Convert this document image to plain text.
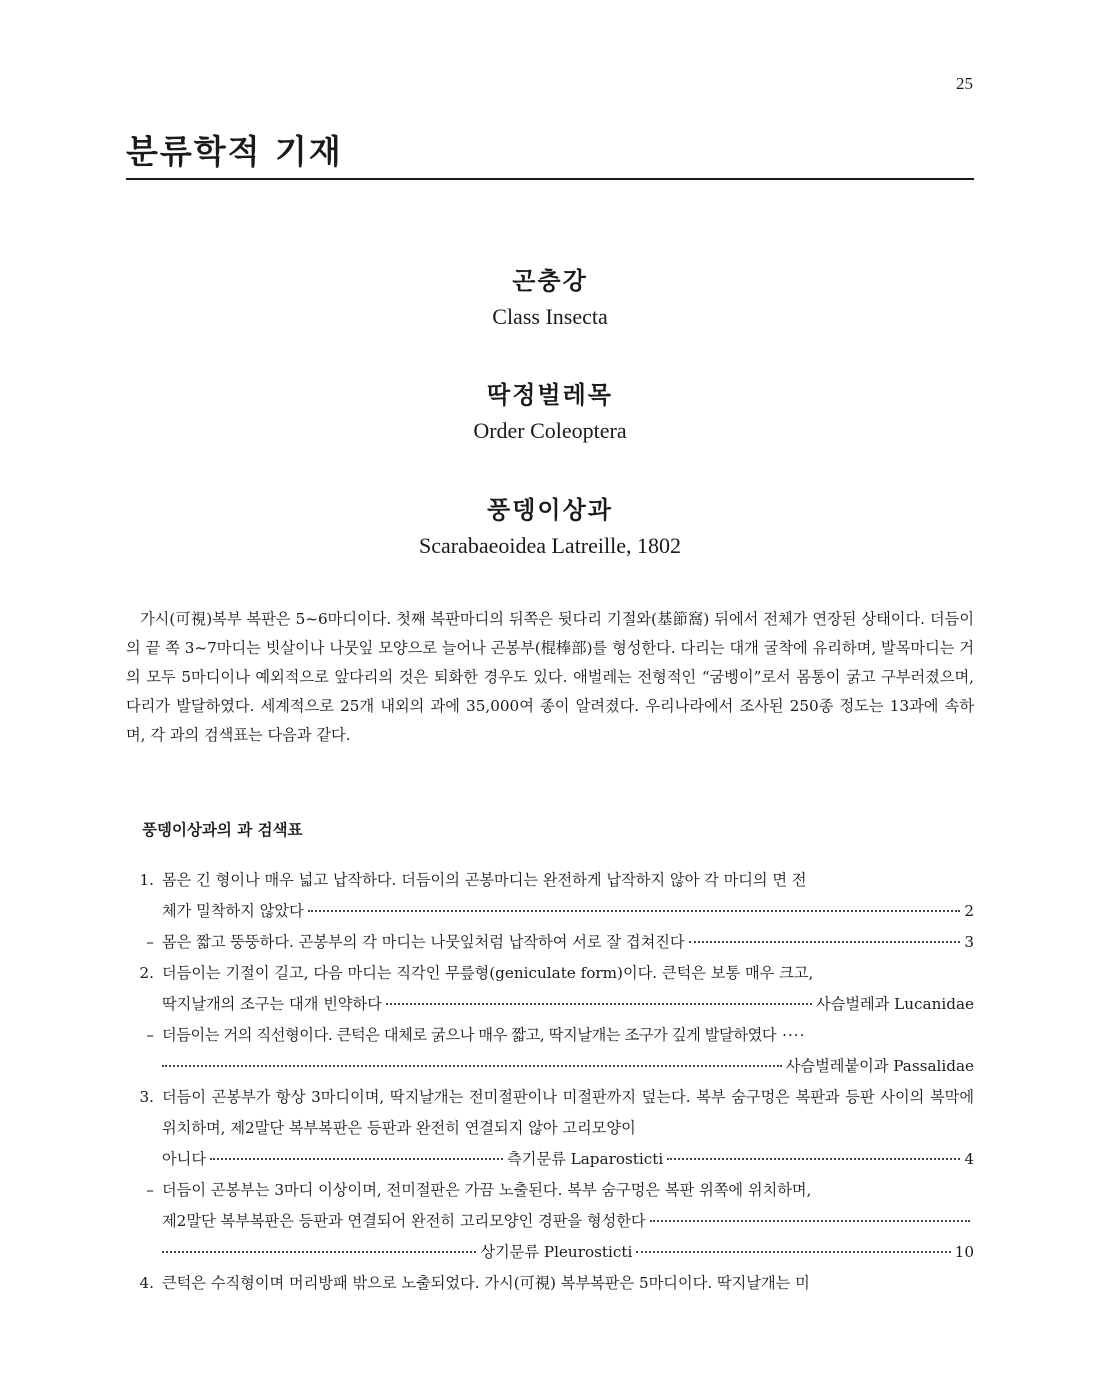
25
분류학적 기재
곤충강
Class Insecta
딱정벌레목
Order Coleoptera
풍뎅이상과
Scarabaeoidea Latreille, 1802

가시(可視)복부 복판은 5~6마디이다. 첫째 복판마디의 뒤쪽은 뒷다리 기절와(基節窩) 뒤에서 전체가 연장된 상태이다. 더듬이의 끝 쪽 3~7마디는 빗살이나 나뭇잎 모양으로 늘어나 곤봉부(棍棒部)를 형성한다. 다리는 대개 굴착에 유리하며, 발목마디는 거의 모두 5마디이나 예외적으로 앞다리의 것은 퇴화한 경우도 있다. 애벌레는 전형적인 “굼벵이”로서 몸통이 굵고 구부러졌으며, 다리가 발달하였다. 세계적으로 25개 내외의 과에 35,000여 종이 알려졌다. 우리나라에서 조사된 250종 정도는 13과에 속하며, 각 과의 검색표는 다음과 같다.

풍뎅이상과의 과 검색표
1. 몸은 긴 형이나 매우 넓고 납작하다. 더듬이의 곤봉마디는 완전하게 납작하지 않아 각 마디의 면 전
체가 밀착하지 않았다	2
– 몸은 짧고 뚱뚱하다. 곤봉부의 각 마디는 나뭇잎처럼 납작하여 서로 잘 겹쳐진다	3
2. 더듬이는 기절이 길고, 다음 마디는 직각인 무릎형(geniculate form)이다. 큰턱은 보통 매우 크고,
딱지날개의 조구는 대개 빈약하다	사슴벌레과 Lucanidae
– 더듬이는 거의 직선형이다. 큰턱은 대체로 굵으나 매우 짧고, 딱지날개는 조구가 깊게 발달하였다 ····
사슴벌레붙이과 Passalidae
3. 더듬이 곤봉부가 항상 3마디이며, 딱지날개는 전미절판이나 미절판까지 덮는다. 복부 숨구멍은 복판과 등판 사이의 복막에 위치하며, 제2말단 복부복판은 등판과 완전히 연결되지 않아 고리모양이
아니다	측기문류 Laparosticti	4
– 더듬이 곤봉부는 3마디 이상이며, 전미절판은 가끔 노출된다. 복부 숨구멍은 복판 위쪽에 위치하며,
제2말단 복부복판은 등판과 연결되어 완전히 고리모양인 경판을 형성한다
상기문류 Pleurosticti	10
4. 큰턱은 수직형이며 머리방패 밖으로 노출되었다. 가시(可視) 복부복판은 5마디이다. 딱지날개는 미
